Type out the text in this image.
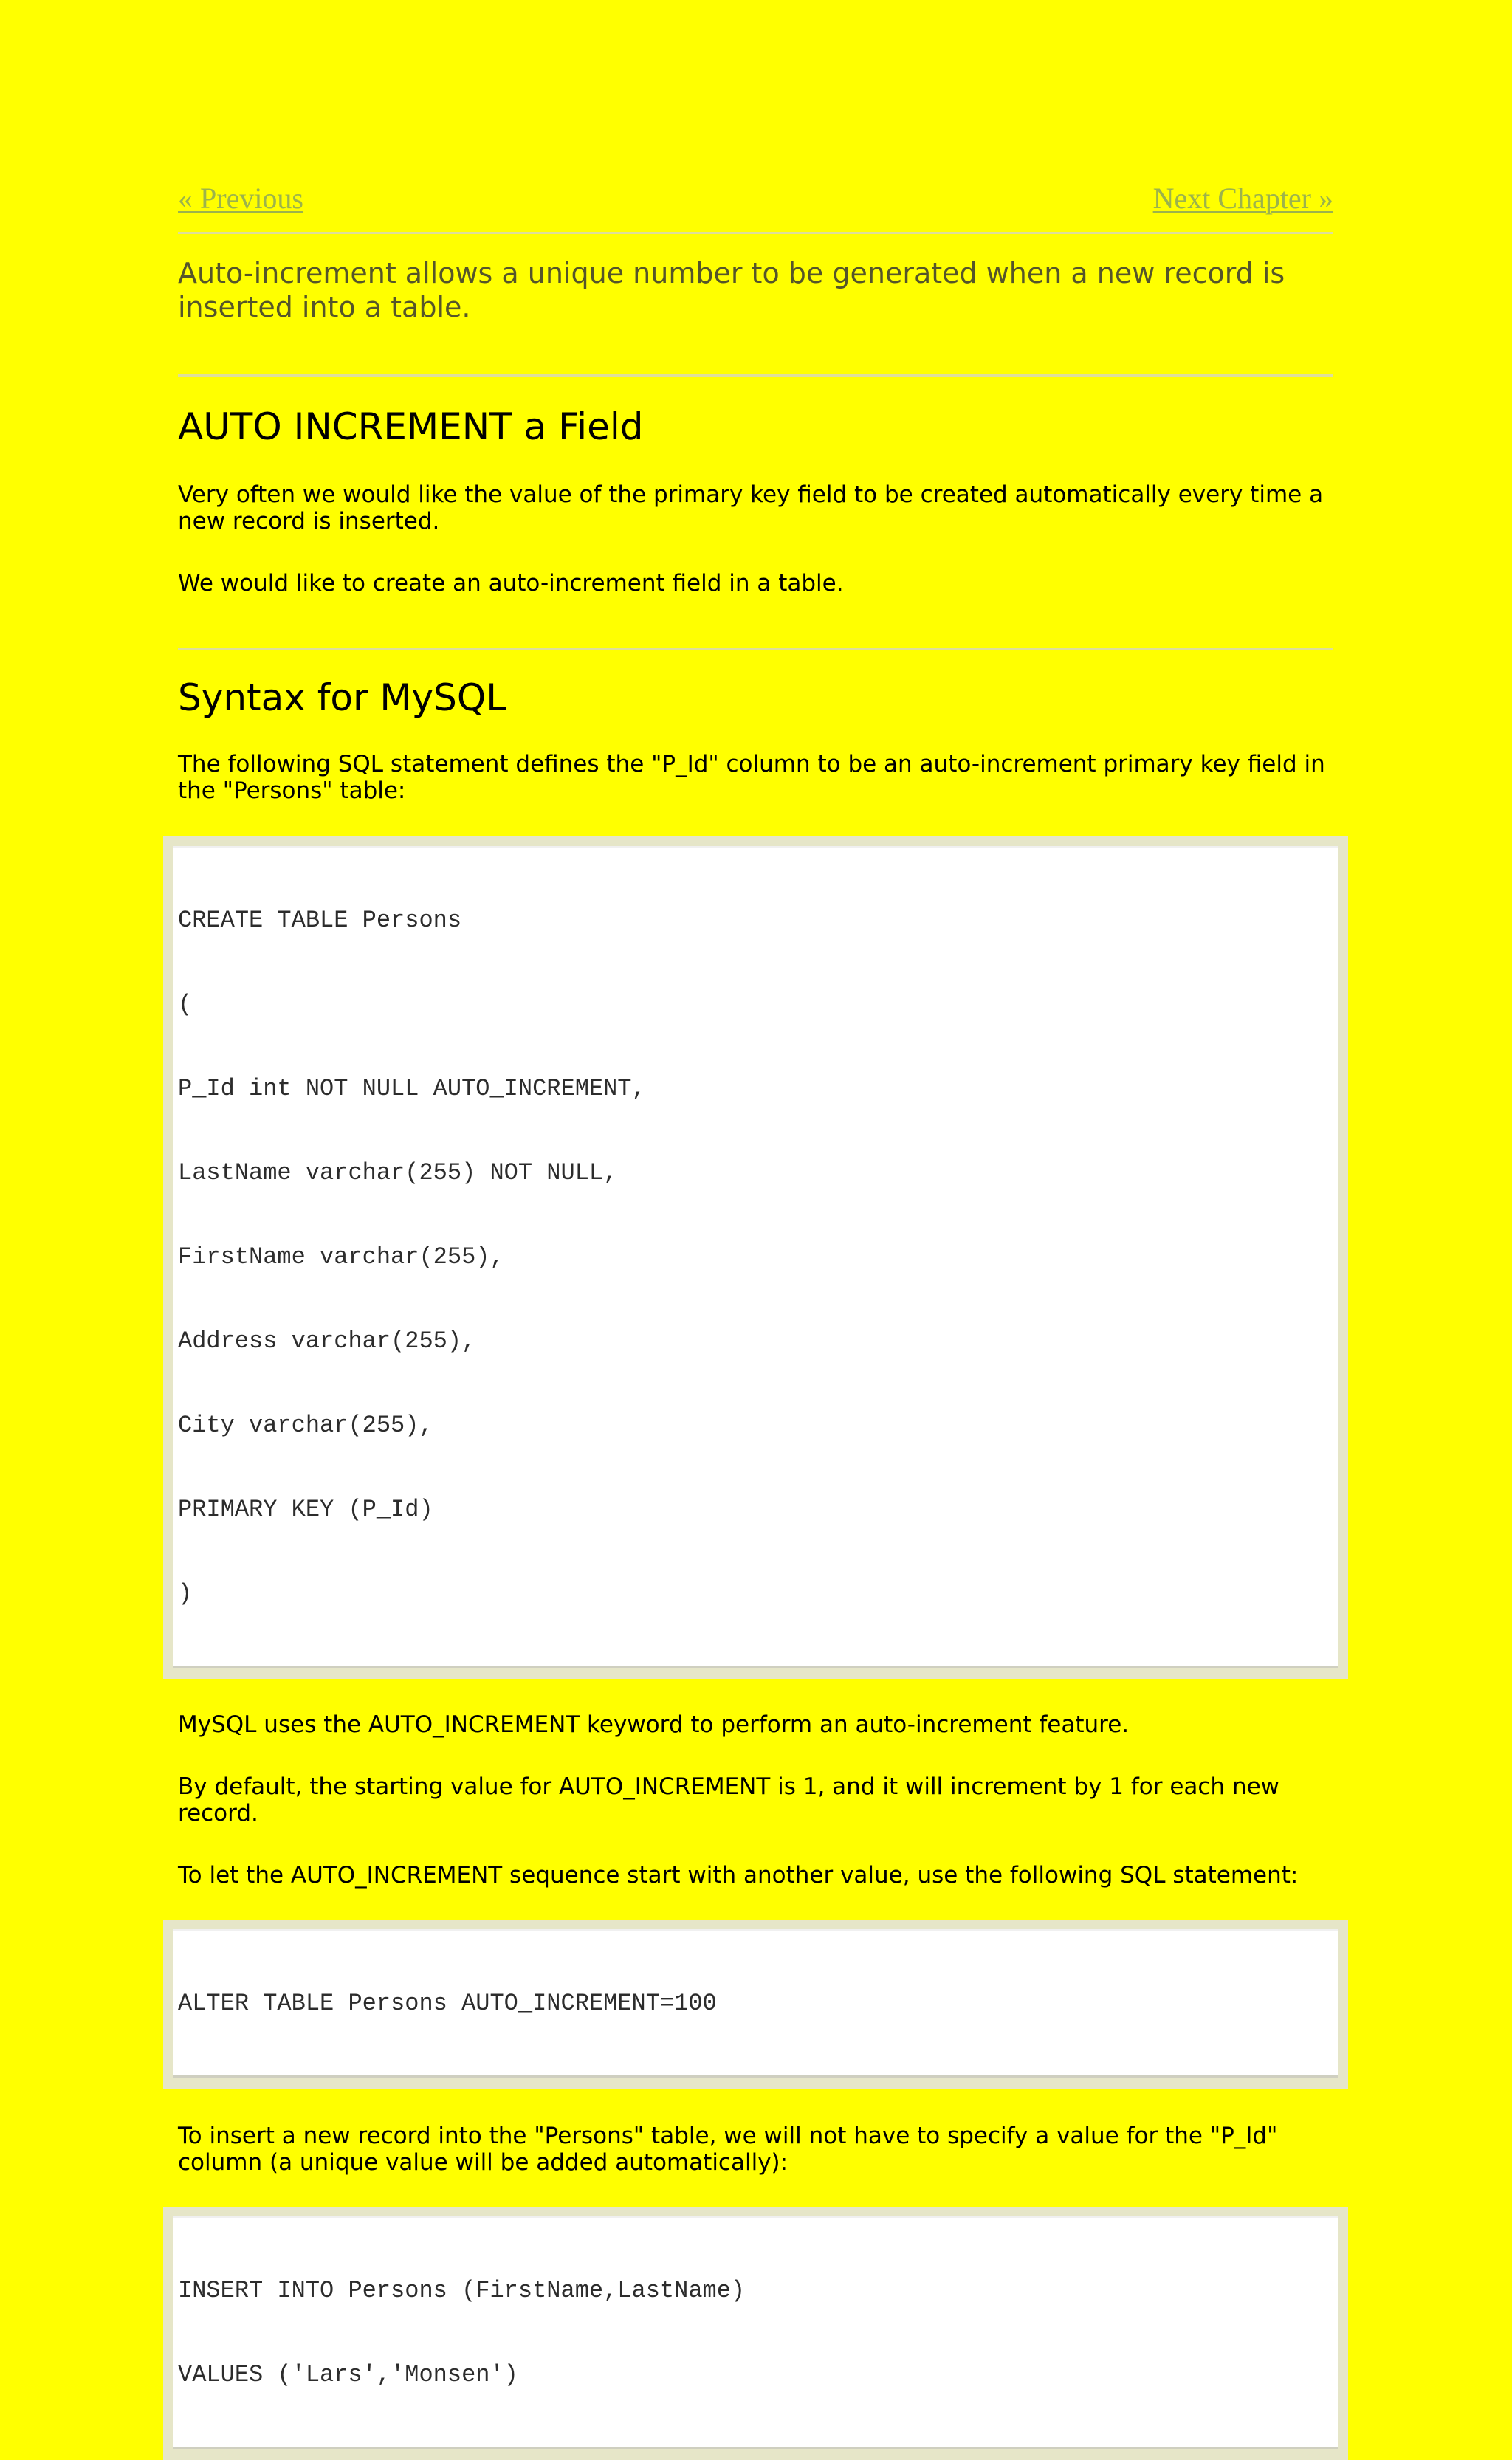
« Previous	Next Chapter »

Auto-increment allows a unique number to be generated when a new record is inserted into a table.

AUTO INCREMENT a Field

Very often we would like the value of the primary key field to be created automatically every time a new record is inserted.

We would like to create an auto-increment field in a table.

Syntax for MySQL

The following SQL statement defines the "P_Id" column to be an auto-increment primary key field in the "Persons" table:

CREATE TABLE Persons

(

P_Id int NOT NULL AUTO_INCREMENT,

LastName varchar(255) NOT NULL,

FirstName varchar(255),

Address varchar(255),

City varchar(255),

PRIMARY KEY (P_Id)

)

MySQL uses the AUTO_INCREMENT keyword to perform an auto-increment feature.

By default, the starting value for AUTO_INCREMENT is 1, and it will increment by 1 for each new record.

To let the AUTO_INCREMENT sequence start with another value, use the following SQL statement:

ALTER TABLE Persons AUTO_INCREMENT=100

To insert a new record into the "Persons" table, we will not have to specify a value for the "P_Id" column (a unique value will be added automatically):

INSERT INTO Persons (FirstName,LastName)

VALUES ('Lars','Monsen')
